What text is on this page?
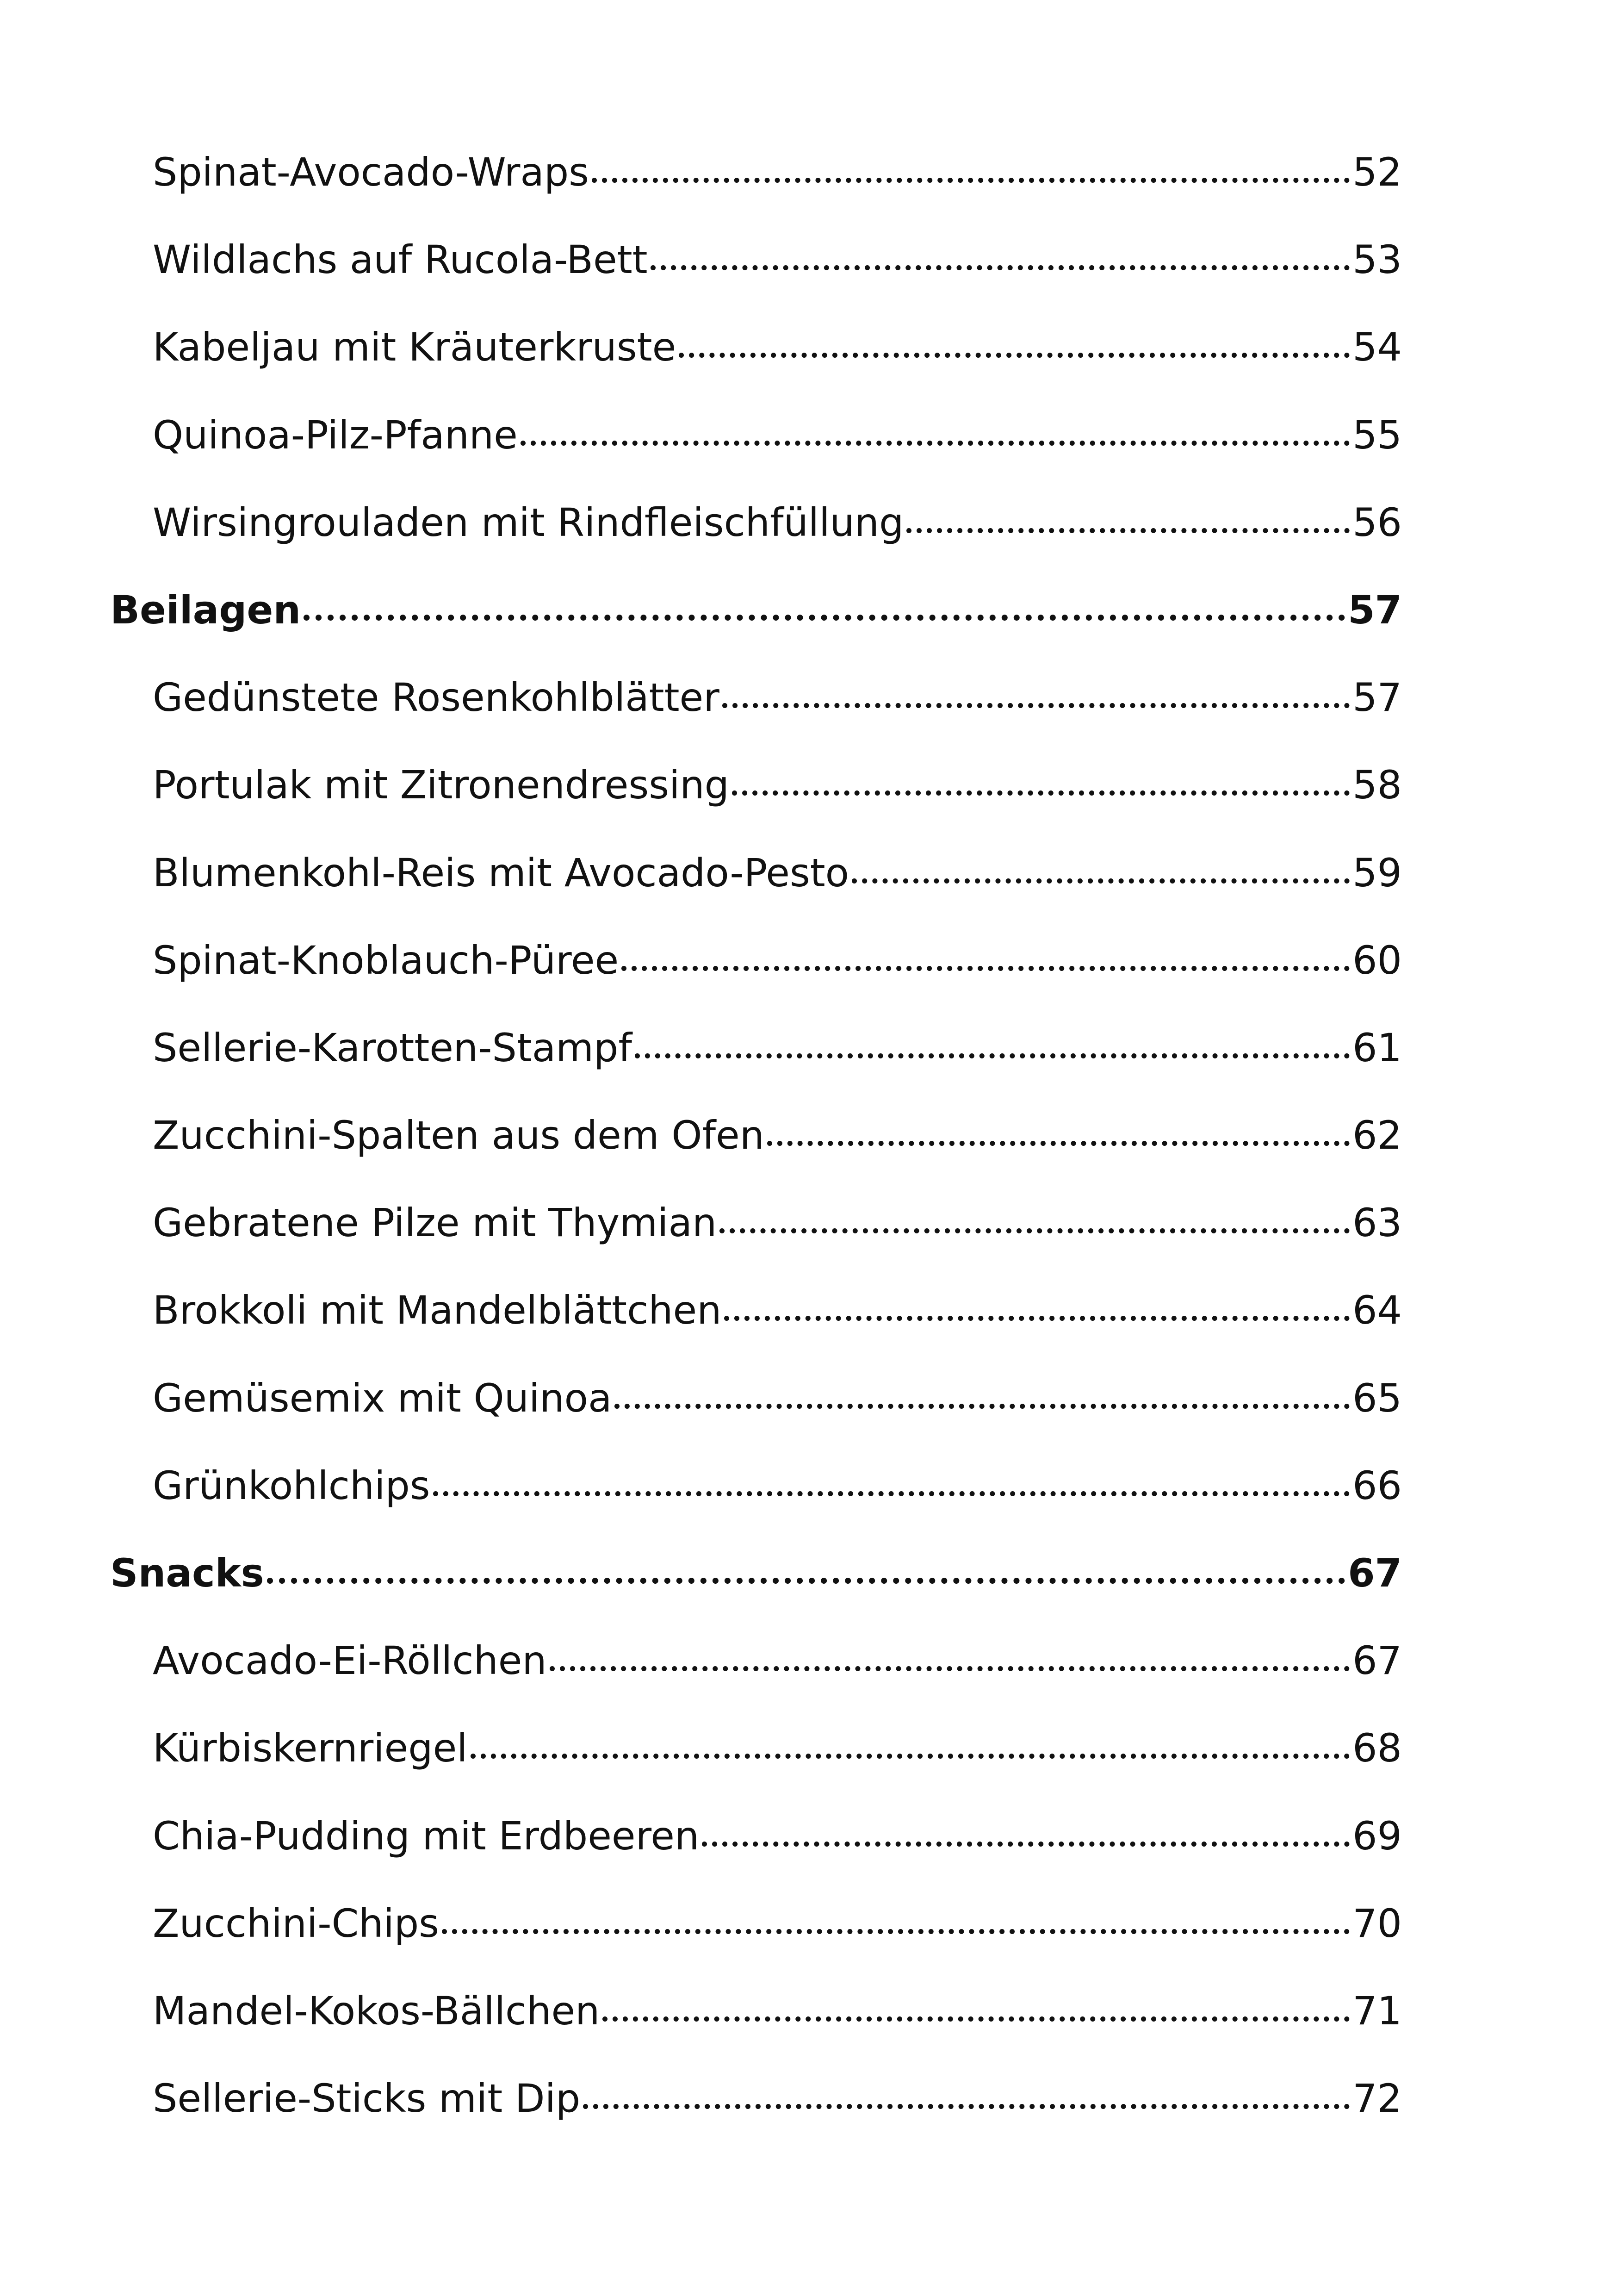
Spinat-Avocado-Wraps	52
Wildlachs auf Rucola-Bett	53
Kabeljau mit Kräuterkruste	54
Quinoa-Pilz-Pfanne	55
Wirsingrouladen mit Rindfleischfüllung	56
Beilagen	57
Gedünstete Rosenkohlblätter	57
Portulak mit Zitronendressing	58
Blumenkohl-Reis mit Avocado-Pesto	59
Spinat-Knoblauch-Püree	60
Sellerie-Karotten-Stampf	61
Zucchini-Spalten aus dem Ofen	62
Gebratene Pilze mit Thymian	63
Brokkoli mit Mandelblättchen	64
Gemüsemix mit Quinoa	65
Grünkohlchips	66
Snacks	67
Avocado-Ei-Röllchen	67
Kürbiskernriegel	68
Chia-Pudding mit Erdbeeren	69
Zucchini-Chips	70
Mandel-Kokos-Bällchen	71
Sellerie-Sticks mit Dip	72
